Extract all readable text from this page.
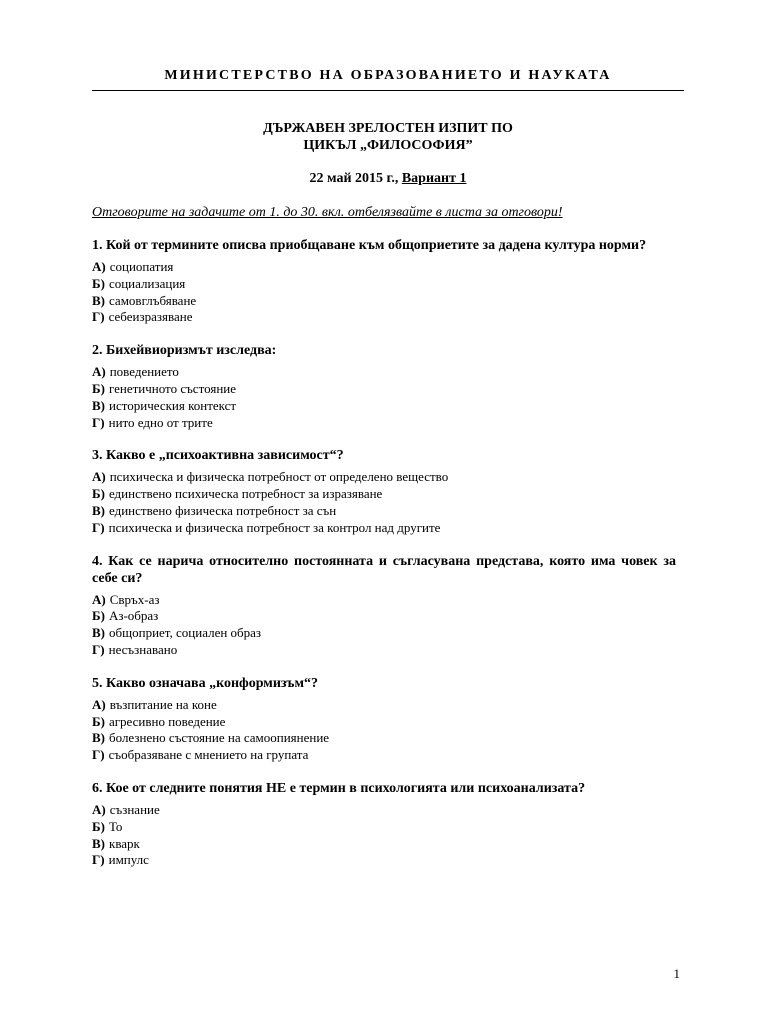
МИНИСТЕРСТВО НА ОБРАЗОВАНИЕТО И НАУКАТА
ДЪРЖАВЕН ЗРЕЛОСТЕН ИЗПИТ ПО
ЦИКЪЛ „ФИЛОСОФИЯ”
22 май 2015 г., Вариант 1
Отговорите на задачите от 1. до 30. вкл. отбелязвайте в листа за отговори!
1. Кой от термините описва приобщаване към общоприетите за дадена култура норми?
А) социопатия
Б) социализация
В) самовглъбяване
Г) себеизразяване
2. Бихейвиоризмът изследва:
А) поведението
Б) генетичното състояние
В) историческия контекст
Г) нито едно от трите
3. Какво е „психоактивна зависимост“?
А) психическа и физическа потребност от определено вещество
Б) единствено психическа потребност за изразяване
В) единствено физическа потребност за сън
Г) психическа и физическа потребност за контрол над другите
4. Как се нарича относително постоянната и съгласувана представа, която има човек за себе си?
А) Свръх-аз
Б) Аз-образ
В) общоприет, социален образ
Г) несъзнавано
5. Какво означава „конформизъм“?
А) възпитание на коне
Б) агресивно поведение
В) болезнено състояние на самоопиянение
Г) съобразяване с мнението на групата
6. Кое от следните понятия НЕ е термин в психологията или психоанализата?
А) съзнание
Б) То
В) кварк
Г) импулс
1
